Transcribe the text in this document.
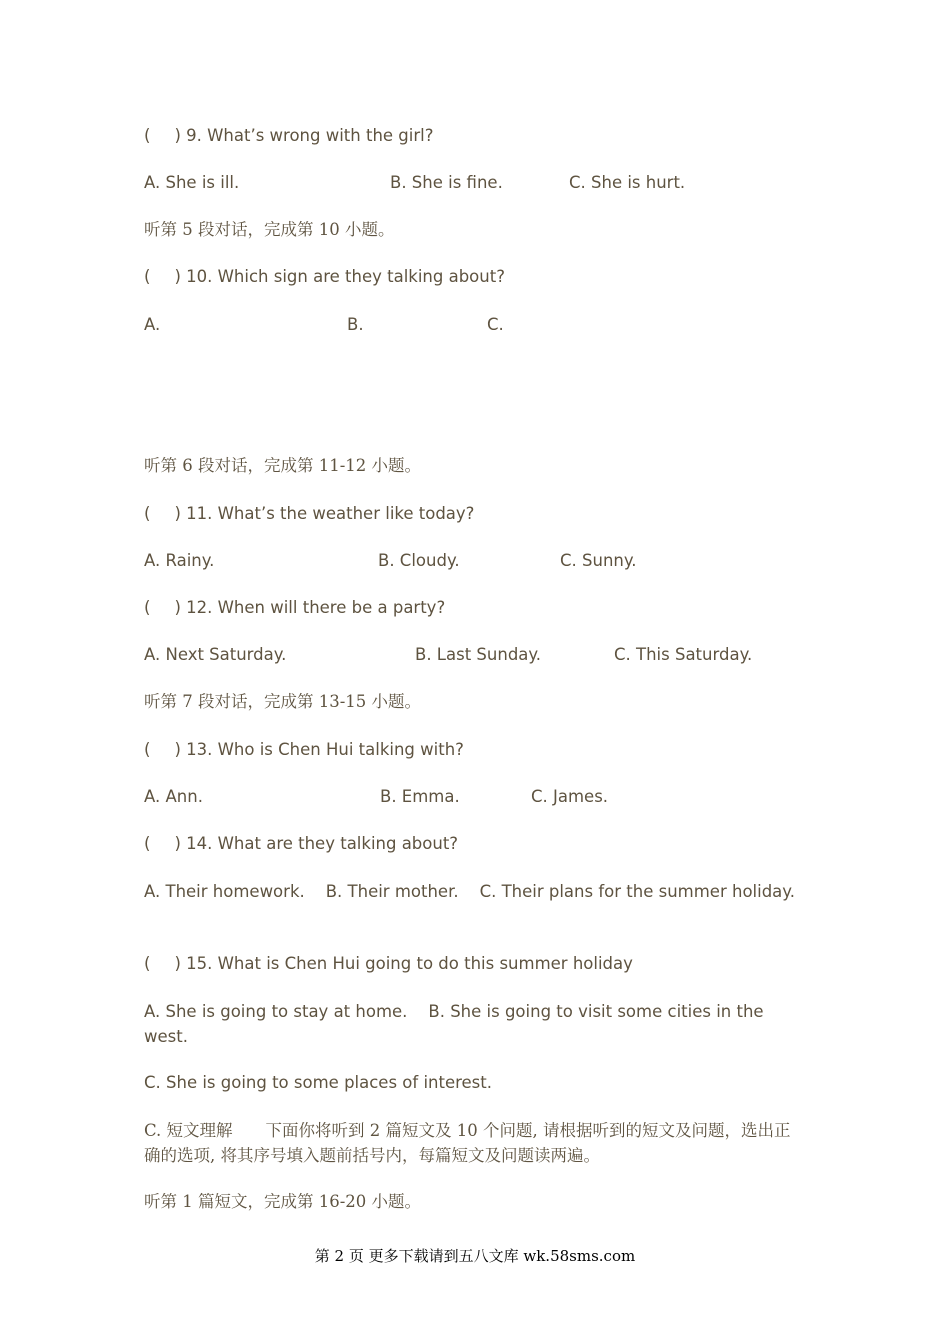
( ) 9. What’s wrong with the girl?
A. She is ill.	B. She is fine.	C. She is hurt.
听第 5 段对话，完成第 10 小题。
( ) 10. Which sign are they talking about?
A.	B.	C.
听第 6 段对话，完成第 11-12 小题。
( ) 11. What’s the weather like today?
A. Rainy.	B. Cloudy.	C. Sunny.
( ) 12. When will there be a party?
A. Next Saturday.	B. Last Sunday.	C. This Saturday.
听第 7 段对话，完成第 13-15 小题。
( ) 13. Who is Chen Hui talking with?
A. Ann.	B. Emma.	C. James.
( ) 14. What are they talking about?
A. Their homework.    B. Their mother.    C. Their plans for the summer holiday.
( ) 15. What is Chen Hui going to do this summer holiday
A. She is going to stay at home.    B. She is going to visit some cities in the west.
C. She is going to some places of interest.
C. 短文理解　　下面你将听到 2 篇短文及 10 个问题, 请根据听到的短文及问题，选出正确的选项, 将其序号填入题前括号内，每篇短文及问题读两遍。
听第 1 篇短文，完成第 16-20 小题。
第 2 页 更多下载请到五八文库 wk.58sms.com
